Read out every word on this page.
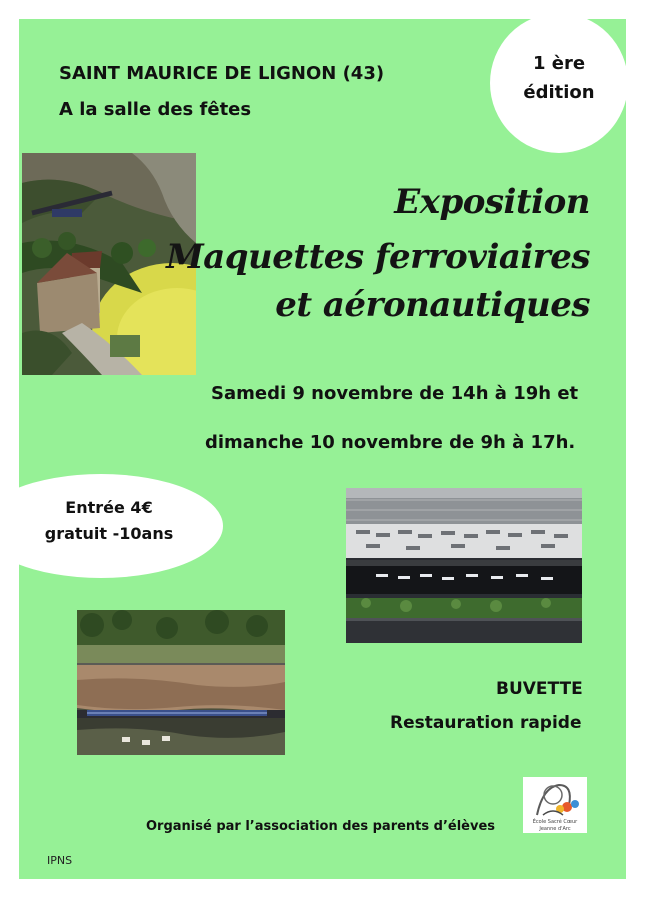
SAINT MAURICE DE LIGNON (43)
A la salle des fêtes
1 ère
édition
Exposition
Maquettes ferroviaires
et aéronautiques
Samedi 9 novembre de 14h à 19h et
dimanche 10 novembre de 9h à 17h.
Entrée 4€
gratuit -10ans
BUVETTE
Restauration rapide
Organisé par l’association des parents d’élèves	École Sacré Cœur
Jeanne d'Arc
IPNS
